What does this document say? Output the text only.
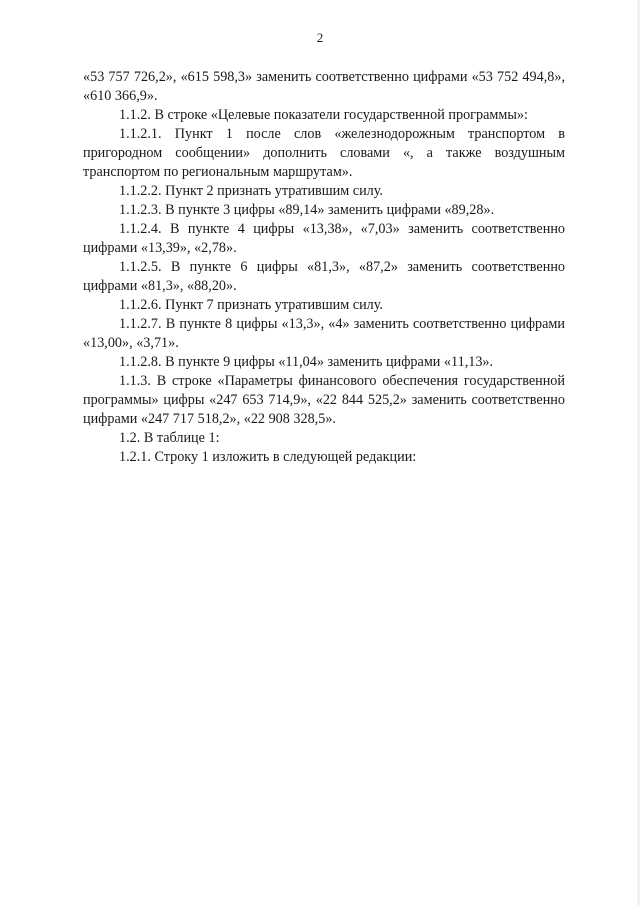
2

«53 757 726,2», «615 598,3» заменить соответственно цифрами «53 752 494,8», «610 366,9».

1.1.2. В строке «Целевые показатели государственной программы»:

1.1.2.1. Пункт 1 после слов «железнодорожным транспортом в пригородном сообщении» дополнить словами «, а также воздушным транспортом по региональным маршрутам».

1.1.2.2. Пункт 2 признать утратившим силу.

1.1.2.3. В пункте 3 цифры «89,14» заменить цифрами «89,28».

1.1.2.4. В пункте 4 цифры «13,38», «7,03» заменить соответственно цифрами «13,39», «2,78».

1.1.2.5. В пункте 6 цифры «81,3», «87,2» заменить соответственно цифрами «81,3», «88,20».

1.1.2.6. Пункт 7 признать утратившим силу.

1.1.2.7. В пункте 8 цифры «13,3», «4» заменить соответственно цифрами «13,00», «3,71».

1.1.2.8. В пункте 9 цифры «11,04» заменить цифрами «11,13».

1.1.3. В строке «Параметры финансового обеспечения государственной программы» цифры «247 653 714,9», «22 844 525,2» заменить соответственно цифрами «247 717 518,2», «22 908 328,5».

1.2. В таблице 1:

1.2.1. Строку 1 изложить в следующей редакции:
